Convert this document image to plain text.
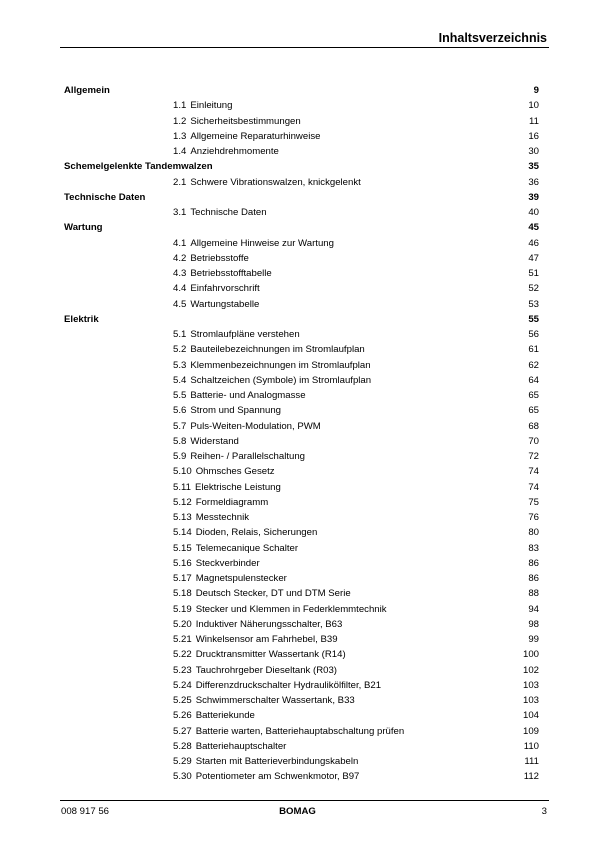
Inhaltsverzeichnis
Allgemein	9
1.1 Einleitung	10
1.2 Sicherheitsbestimmungen	11
1.3 Allgemeine Reparaturhinweise	16
1.4 Anziehdrehmomente	30
Schemelgelenkte Tandemwalzen	35
2.1 Schwere Vibrationswalzen, knickgelenkt	36
Technische Daten	39
3.1 Technische Daten	40
Wartung	45
4.1 Allgemeine Hinweise zur Wartung	46
4.2 Betriebsstoffe	47
4.3 Betriebsstofftabelle	51
4.4 Einfahrvorschrift	52
4.5 Wartungstabelle	53
Elektrik	55
5.1 Stromlaufpläne verstehen	56
5.2 Bauteilebezeichnungen im Stromlaufplan	61
5.3 Klemmenbezeichnungen im Stromlaufplan	62
5.4 Schaltzeichen (Symbole) im Stromlaufplan	64
5.5 Batterie- und Analogmasse	65
5.6 Strom und Spannung	65
5.7 Puls-Weiten-Modulation, PWM	68
5.8 Widerstand	70
5.9 Reihen- / Parallelschaltung	72
5.10 Ohmsches Gesetz	74
5.11 Elektrische Leistung	74
5.12 Formeldiagramm	75
5.13 Messtechnik	76
5.14 Dioden, Relais, Sicherungen	80
5.15 Telemecanique Schalter	83
5.16 Steckverbinder	86
5.17 Magnetspulenstecker	86
5.18 Deutsch Stecker, DT und DTM Serie	88
5.19 Stecker und Klemmen in Federklemmtechnik	94
5.20 Induktiver Näherungsschalter, B63	98
5.21 Winkelsensor am Fahrhebel, B39	99
5.22 Drucktransmitter Wassertank (R14)	100
5.23 Tauchrohrgeber Dieseltank (R03)	102
5.24 Differenzdruckschalter Hydraulikölfilter, B21	103
5.25 Schwimmerschalter Wassertank, B33	103
5.26 Batteriekunde	104
5.27 Batterie warten, Batteriehauptabschaltung prüfen	109
5.28 Batteriehauptschalter	110
5.29 Starten mit Batterieverbindungskabeln	111
5.30 Potentiometer am Schwenkmotor, B97	112
008 917 56	BOMAG	3
